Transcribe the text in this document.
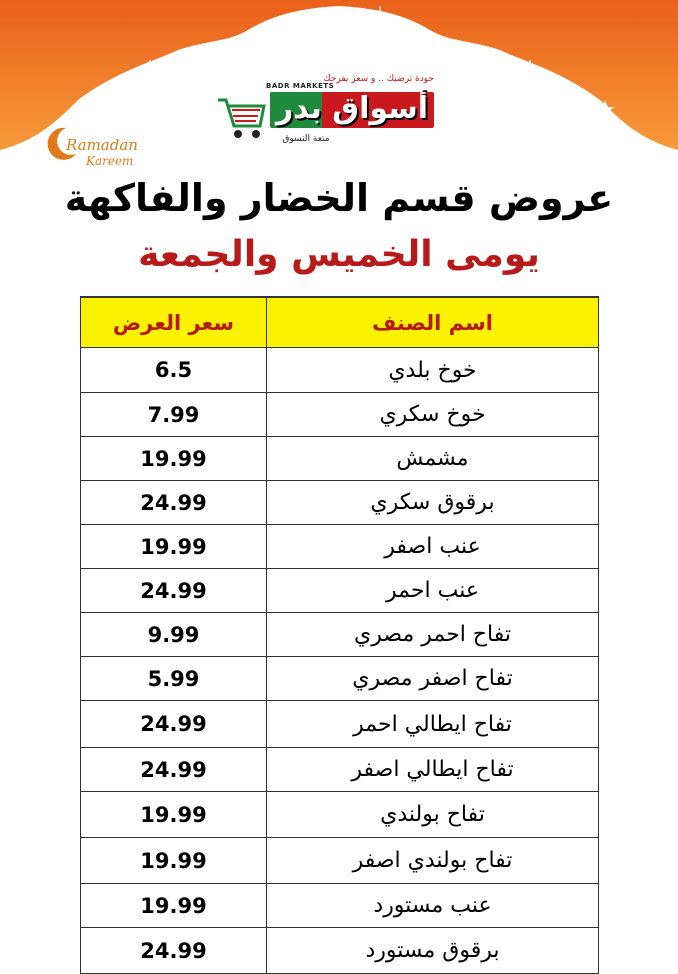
جودة ترضيك .. و سعر يفرحك
BADR MARKETS
أسواق بدر
متعة التسوق
Ramadan
Kareem
عروض قسم الخضار والفاكهة
يومى الخميس والجمعة
سعر العرض	اسم الصنف
6.5	خوخ بلدي
7.99	خوخ سكري
19.99	مشمش
24.99	برقوق سكري
19.99	عنب اصفر
24.99	عنب احمر
9.99	تفاح احمر مصري
5.99	تفاح اصفر مصري
24.99	تفاح ايطالي احمر
24.99	تفاح ايطالي اصفر
19.99	تفاح بولندي
19.99	تفاح بولندي اصفر
19.99	عنب مستورد
24.99	برقوق مستورد
